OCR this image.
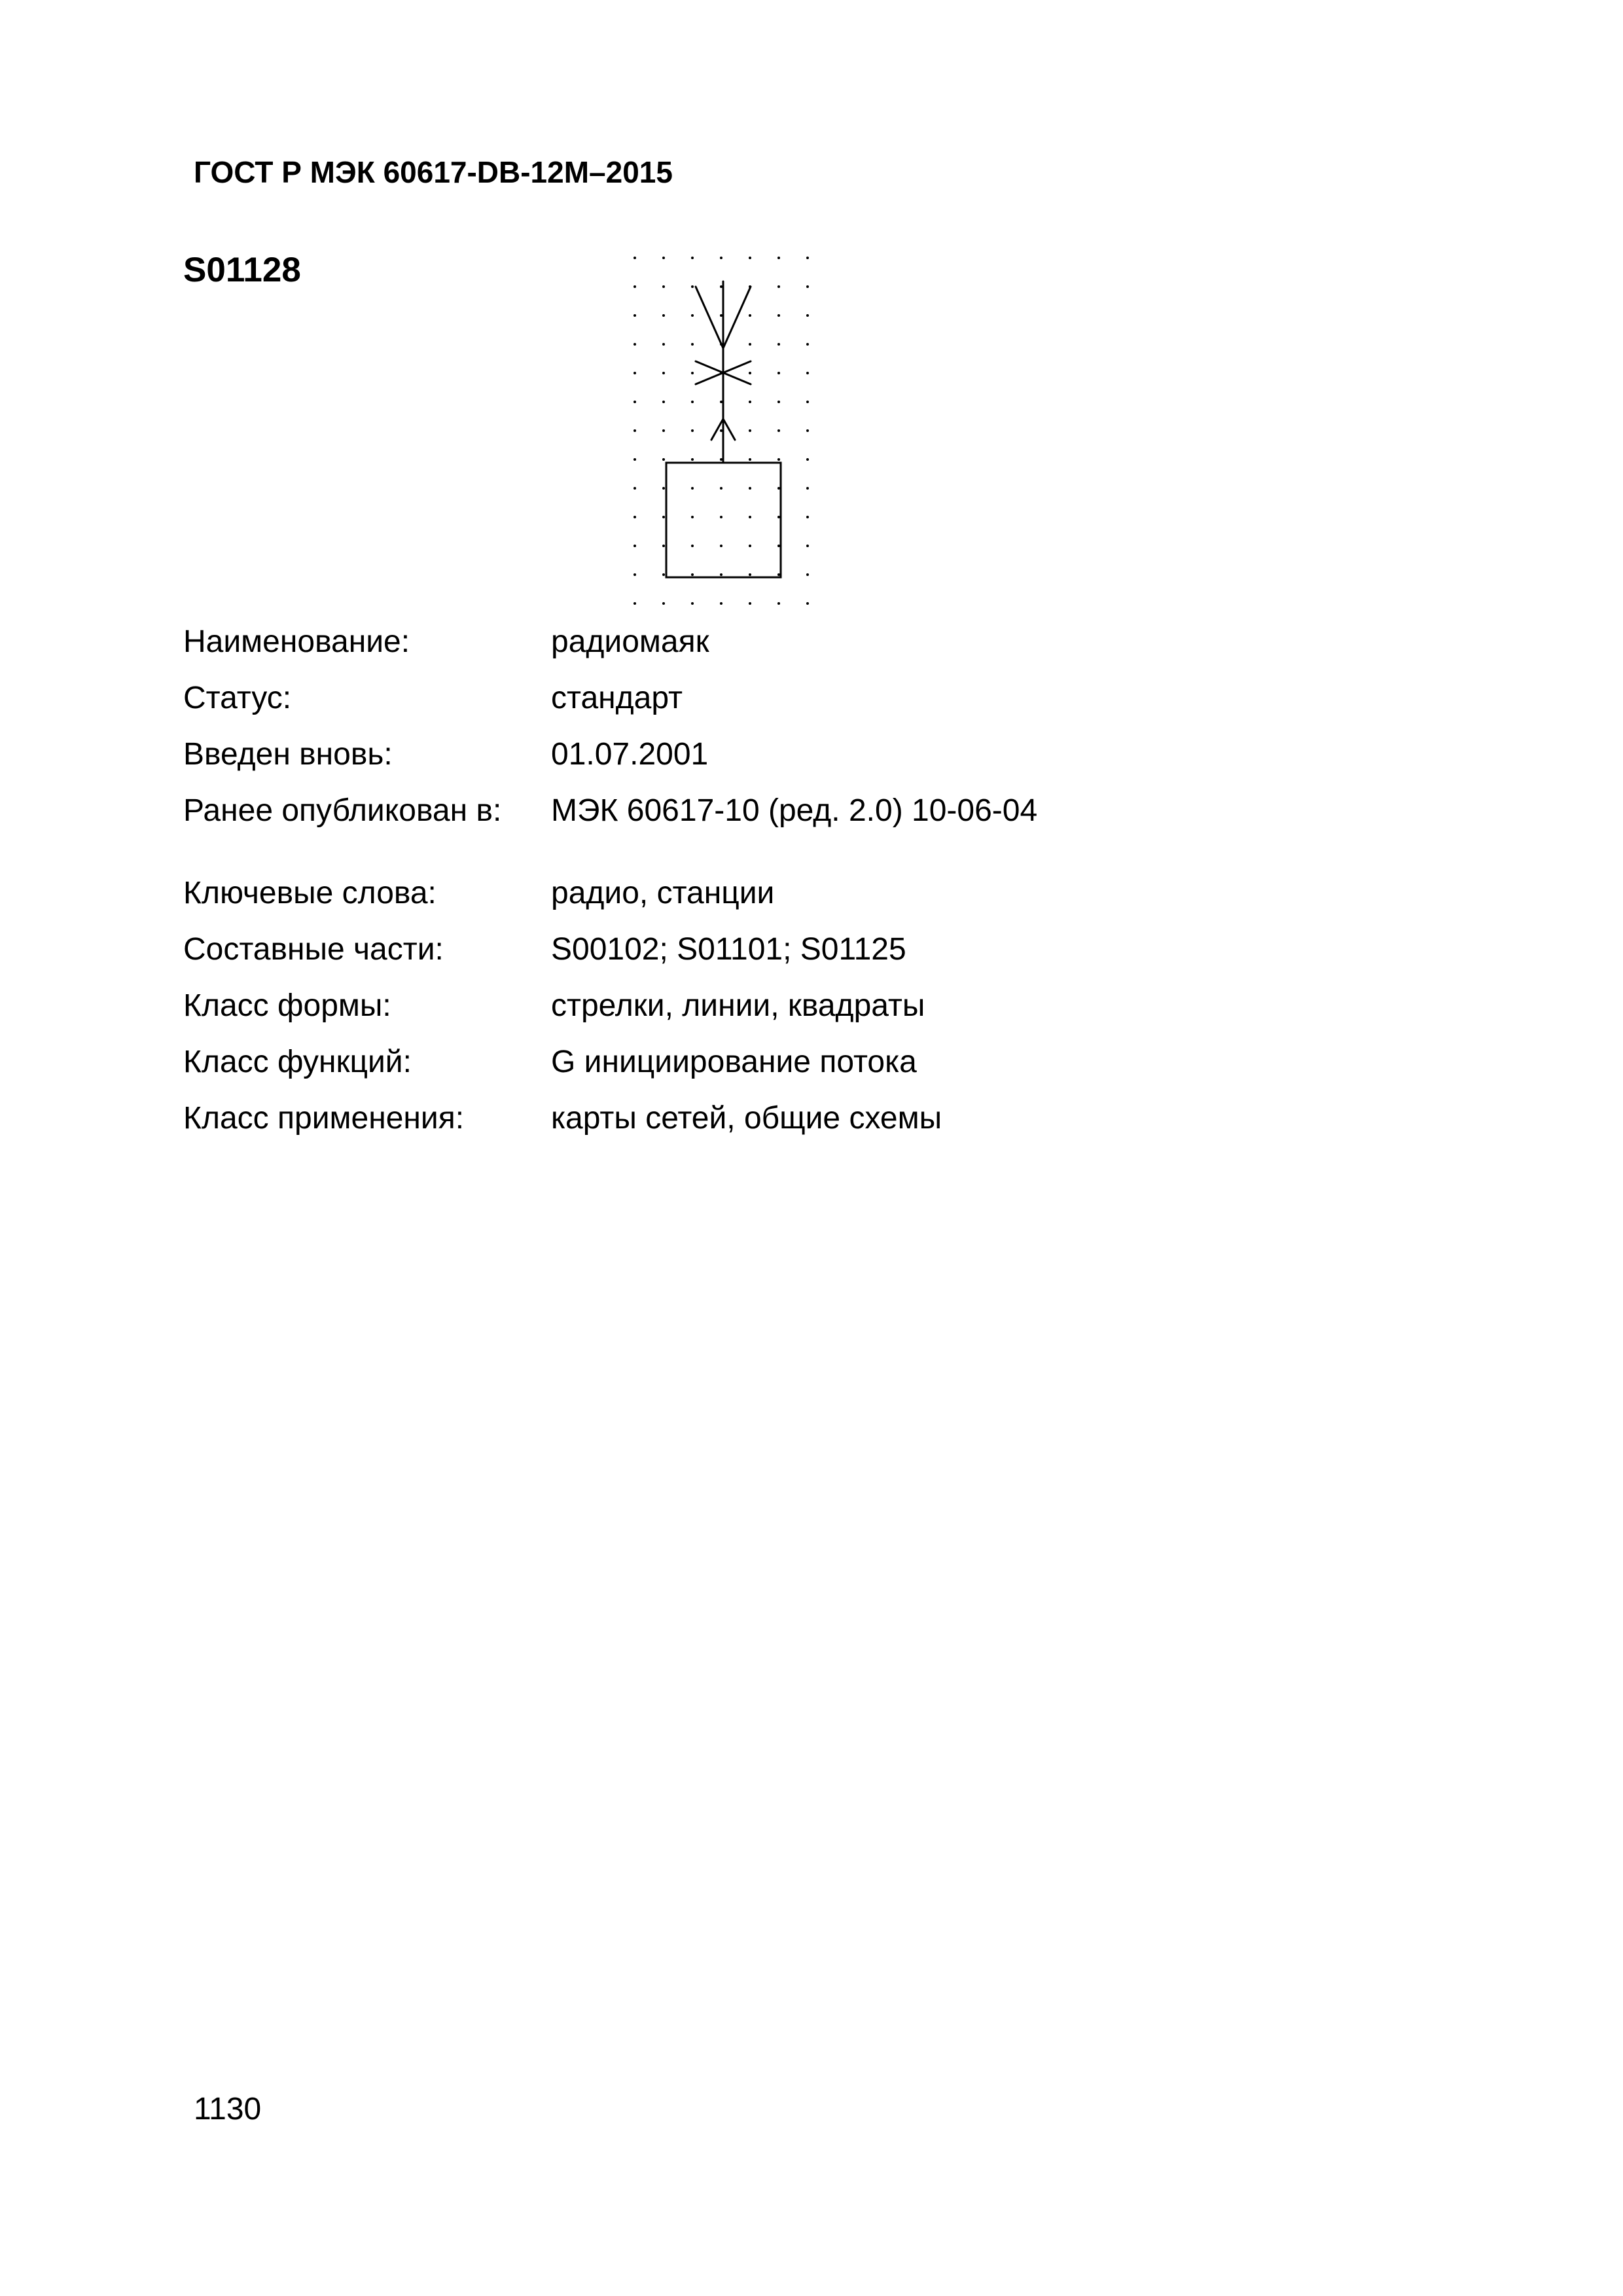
ГОСТ Р МЭК 60617-DB-12M–2015
S01128
Наименование:	радиомаяк
Статус:	стандарт
Введен вновь:	01.07.2001
Ранее опубликован в:	МЭК 60617-10 (ред. 2.0) 10-06-04
Ключевые слова:	радио, станции
Составные части:	S00102; S01101; S01125
Класс формы:	стрелки, линии, квадраты
Класс функций:	G инициирование потока
Класс применения:	карты сетей, общие схемы
1130
